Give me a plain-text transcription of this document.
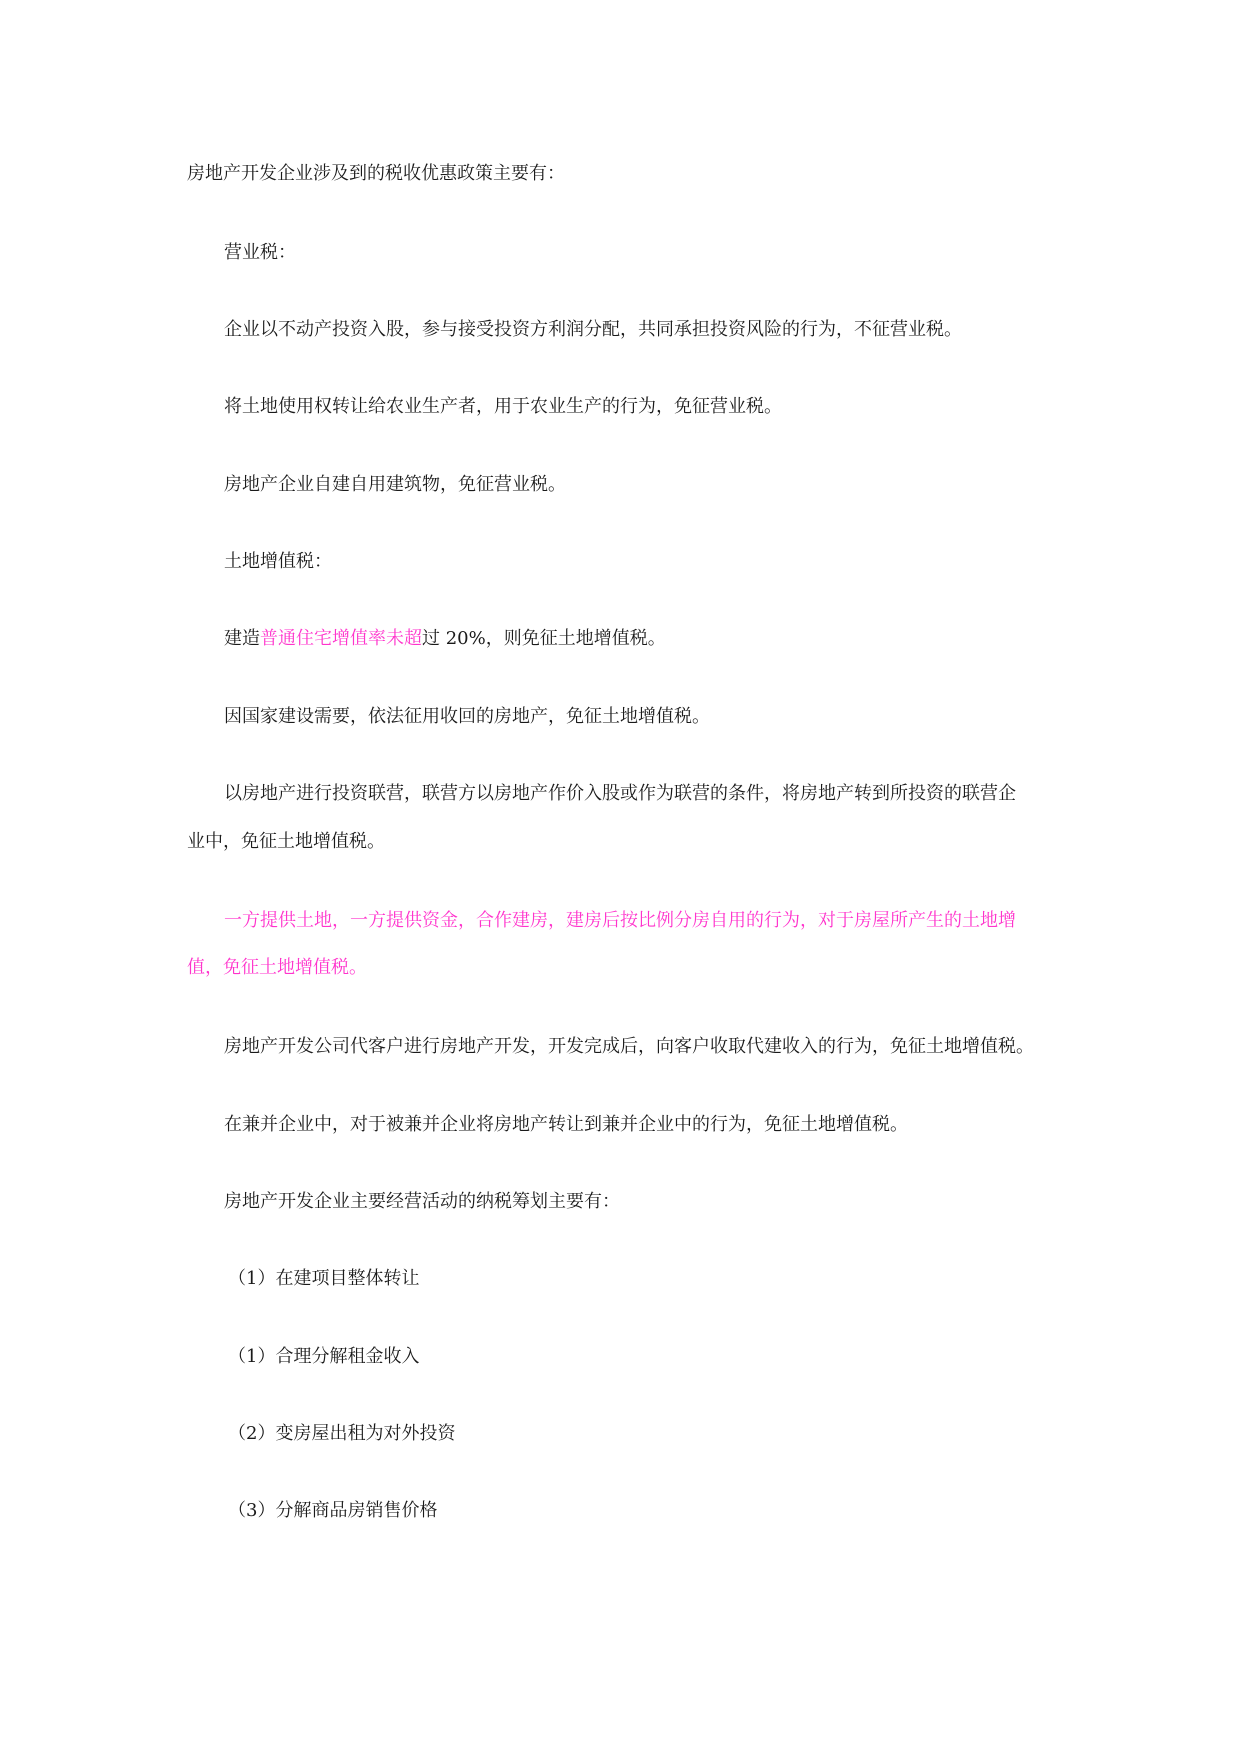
房地产开发企业涉及到的税收优惠政策主要有：
营业税：
企业以不动产投资入股，参与接受投资方利润分配，共同承担投资风险的行为，不征营业税。
将土地使用权转让给农业生产者，用于农业生产的行为，免征营业税。
房地产企业自建自用建筑物，免征营业税。
土地增值税：
建造普通住宅增值率未超过 20%，则免征土地增值税。
因国家建设需要，依法征用收回的房地产，免征土地增值税。
以房地产进行投资联营，联营方以房地产作价入股或作为联营的条件，将房地产转到所投资的联营企
业中，免征土地增值税。
一方提供土地，一方提供资金，合作建房，建房后按比例分房自用的行为，对于房屋所产生的土地增
值，免征土地增值税。
房地产开发公司代客户进行房地产开发，开发完成后，向客户收取代建收入的行为，免征土地增值税。
在兼并企业中，对于被兼并企业将房地产转让到兼并企业中的行为，免征土地增值税。
房地产开发企业主要经营活动的纳税筹划主要有：
（1）在建项目整体转让
（1）合理分解租金收入
（2）变房屋出租为对外投资
（3）分解商品房销售价格
